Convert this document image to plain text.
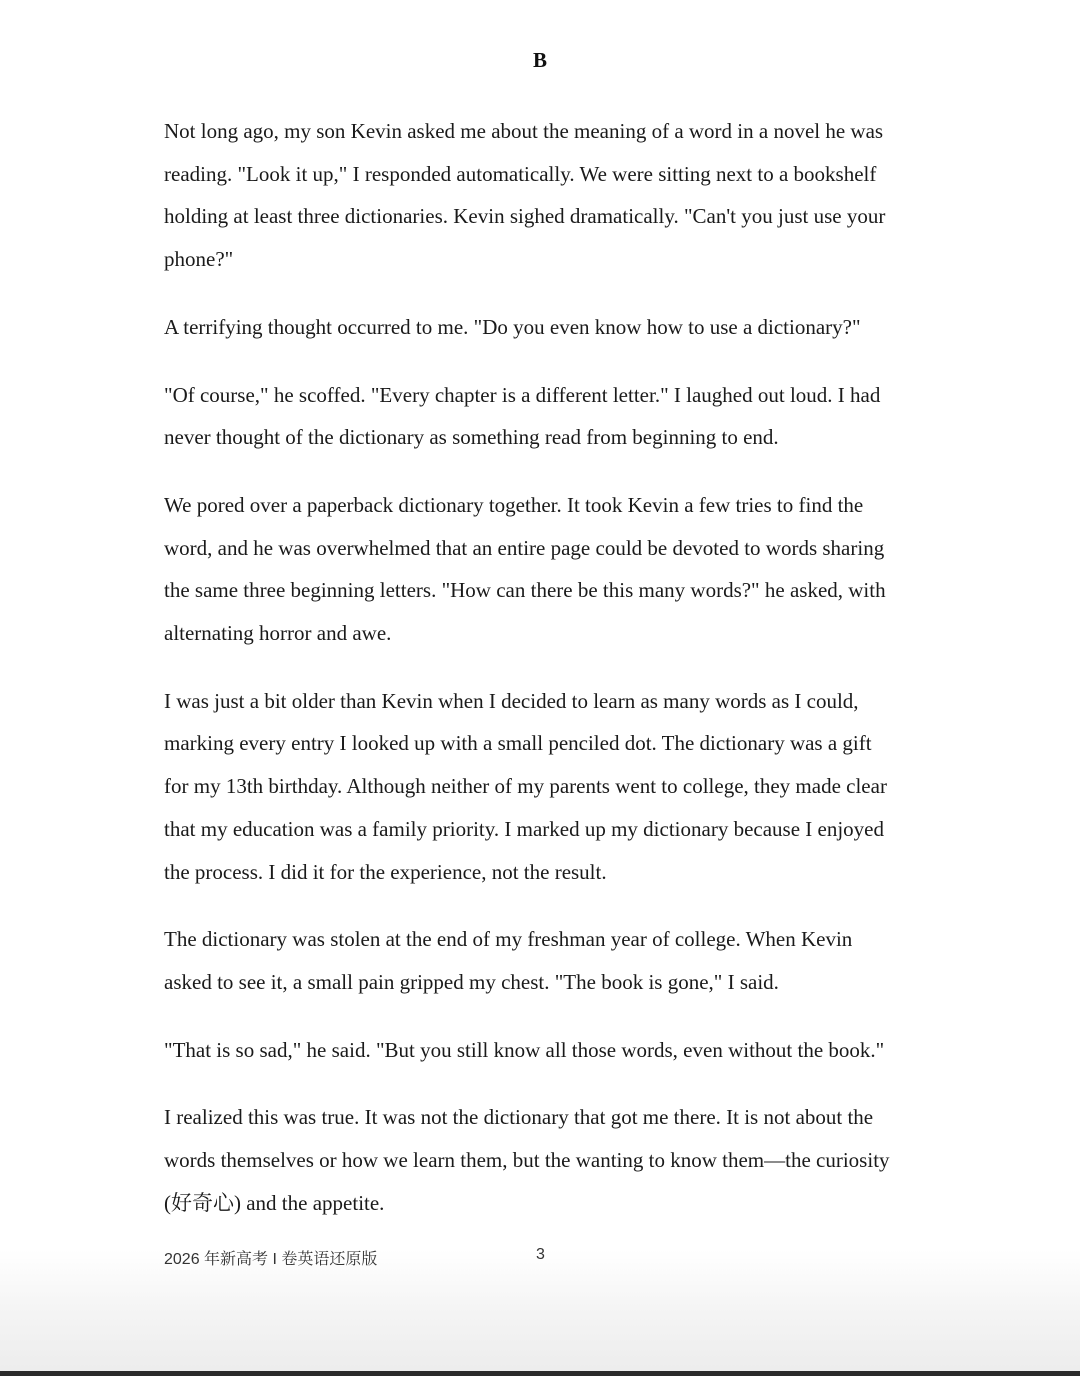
B

Not long ago, my son Kevin asked me about the meaning of a word in a novel he was
reading. "Look it up," I responded automatically. We were sitting next to a bookshelf
holding at least three dictionaries. Kevin sighed dramatically. "Can't you just use your
phone?"

A terrifying thought occurred to me. "Do you even know how to use a dictionary?"

"Of course," he scoffed. "Every chapter is a different letter." I laughed out loud. I had
never thought of the dictionary as something read from beginning to end.

We pored over a paperback dictionary together. It took Kevin a few tries to find the
word, and he was overwhelmed that an entire page could be devoted to words sharing
the same three beginning letters. "How can there be this many words?" he asked, with
alternating horror and awe.

I was just a bit older than Kevin when I decided to learn as many words as I could,
marking every entry I looked up with a small penciled dot. The dictionary was a gift
for my 13th birthday. Although neither of my parents went to college, they made clear
that my education was a family priority. I marked up my dictionary because I enjoyed
the process. I did it for the experience, not the result.

The dictionary was stolen at the end of my freshman year of college. When Kevin
asked to see it, a small pain gripped my chest. "The book is gone," I said.

"That is so sad," he said. "But you still know all those words, even without the book."

I realized this was true. It was not the dictionary that got me there. It is not about the
words themselves or how we learn them, but the wanting to know them—the curiosity
(好奇心) and the appetite.

2026 年新高考 I 卷英语还原版	3
